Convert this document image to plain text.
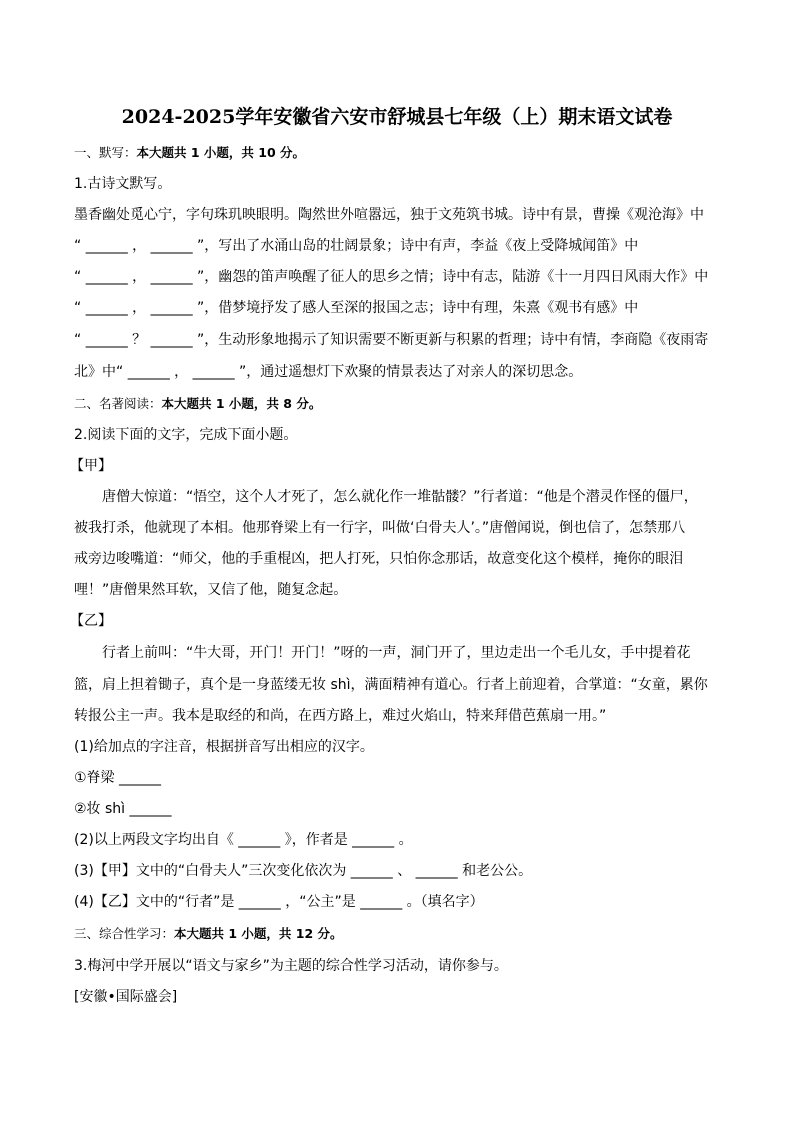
2024-2025学年安徽省六安市舒城县七年级（上）期末语文试卷
一、默写：本大题共 1 小题，共 10 分。
1.古诗文默写。
墨香幽处觅心宁，字句珠玑映眼明。陶然世外喧嚣远，独于文苑筑书城。诗中有景，曹操《观沧海》中
“ ______ ， ______ ”，写出了水涌山岛的壮阔景象；诗中有声，李益《夜上受降城闻笛》中
“ ______ ， ______ ”，幽怨的笛声唤醒了征人的思乡之情；诗中有志，陆游《十一月四日风雨大作》中
“ ______ ， ______ ”，借梦境抒发了感人至深的报国之志；诗中有理，朱熹《观书有感》中
“ ______ ？ ______ ”，生动形象地揭示了知识需要不断更新与积累的哲理；诗中有情，李商隐《夜雨寄
北》中“ ______ ， ______ ”，通过遥想灯下欢聚的情景表达了对亲人的深切思念。
二、名著阅读：本大题共 1 小题，共 8 分。
2.阅读下面的文字，完成下面小题。
【甲】
唐僧大惊道：“悟空，这个人才死了，怎么就化作一堆骷髅？”行者道：“他是个潜灵作怪的僵尸，
被我打杀，他就现了本相。他那脊梁上有一行字，叫做‘白骨夫人’。”唐僧闻说，倒也信了，怎禁那八
戒旁边唆嘴道：“师父，他的手重棍凶，把人打死，只怕你念那话，故意变化这个模样，掩你的眼泪
哩！”唐僧果然耳软，又信了他，随复念起。
【乙】
行者上前叫：“牛大哥，开门！开门！”呀的一声，洞门开了，里边走出一个毛儿女，手中提着花
篮，肩上担着锄子，真个是一身蓝缕无妆 shì，满面精神有道心。行者上前迎着，合掌道：“女童，累你
转报公主一声。我本是取经的和尚，在西方路上，难过火焰山，特来拜借芭蕉扇一用。”
(1)给加点的字注音，根据拼音写出相应的汉字。
①脊梁 ______
②妆 shì ______
(2)以上两段文字均出自《 ______ 》，作者是 ______ 。
(3)【甲】文中的“白骨夫人”三次变化依次为 ______ 、 ______ 和老公公。
(4)【乙】文中的“行者”是 ______ ，“公主”是 ______ 。（填名字）
三、综合性学习：本大题共 1 小题，共 12 分。
3.梅河中学开展以“语文与家乡”为主题的综合性学习活动，请你参与。
[安徽•国际盛会]
